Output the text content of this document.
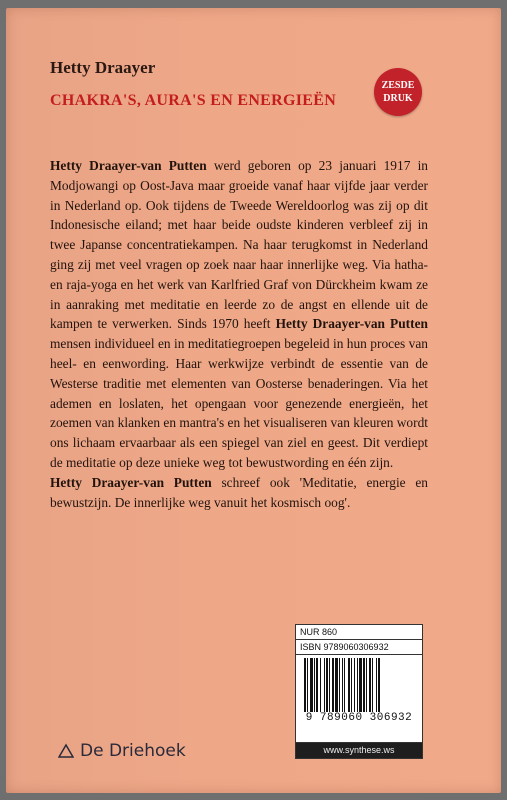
Hetty Draayer

CHAKRA'S, AURA'S EN ENERGIEËN

ZESDE
DRUK

Hetty Draayer-van Putten werd geboren op 23 januari 1917 in Modjowangi op Oost-Java maar groeide vanaf haar vijfde jaar verder in Nederland op. Ook tijdens de Tweede Wereldoorlog was zij op dit Indonesische eiland; met haar beide oudste kinderen verbleef zij in twee Japanse concentratiekampen. Na haar terugkomst in Nederland ging zij met veel vragen op zoek naar haar innerlijke weg. Via hatha- en raja-yoga en het werk van Karlfried Graf von Dürckheim kwam ze in aanraking met meditatie en leerde zo de angst en ellende uit de kampen te verwerken. Sinds 1970 heeft Hetty Draayer-van Putten mensen individueel en in meditatiegroepen begeleid in hun proces van heel- en eenwording. Haar werkwijze verbindt de essentie van de Westerse traditie met elementen van Oosterse benaderingen. Via het ademen en loslaten, het opengaan voor genezende energieën, het zoemen van klanken en mantra's en het visualiseren van kleuren wordt ons lichaam ervaarbaar als een spiegel van ziel en geest. Dit verdiept de meditatie op deze unieke weg tot bewustwording en één zijn.
Hetty Draayer-van Putten schreef ook 'Meditatie, energie en bewustzijn. De innerlijke weg vanuit het kosmisch oog'.

De Driehoek
NUR 860
ISBN 9789060306932
9 789060 306932
www.synthese.ws
